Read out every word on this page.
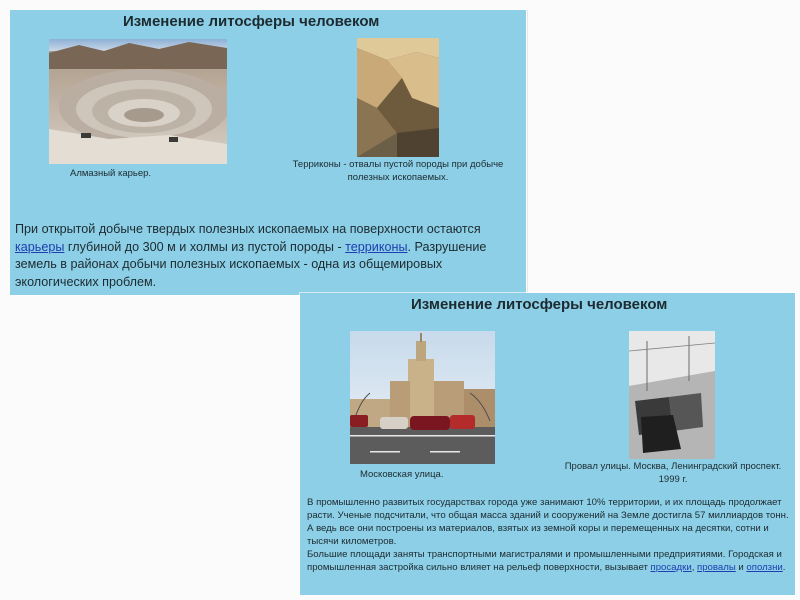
Изменение литосферы человеком
Алмазный карьер.
Терриконы - отвалы пустой породы при добыче полезных ископаемых.
При открытой добыче твердых полезных ископаемых на поверхности остаются карьеры глубиной до 300 м и холмы из пустой породы - терриконы. Разрушение земель в районах добычи полезных ископаемых - одна из общемировых экологических проблем.
Изменение литосферы человеком
Московская улица.
Провал улицы. Москва, Ленинградский проспект. 1999 г.
В промышленно развитых государствах города уже занимают 10% территории, и их площадь продолжает расти. Ученые подсчитали, что общая масса зданий и сооружений на Земле достигла 57 миллиардов тонн. А ведь все они построены из материалов, взятых из земной коры и перемещенных на десятки, сотни и тысячи километров.
Большие площади заняты транспортными магистралями и промышленными предприятиями. Городская и промышленная застройка сильно влияет на рельеф поверхности, вызывает просадки, провалы и оползни.
